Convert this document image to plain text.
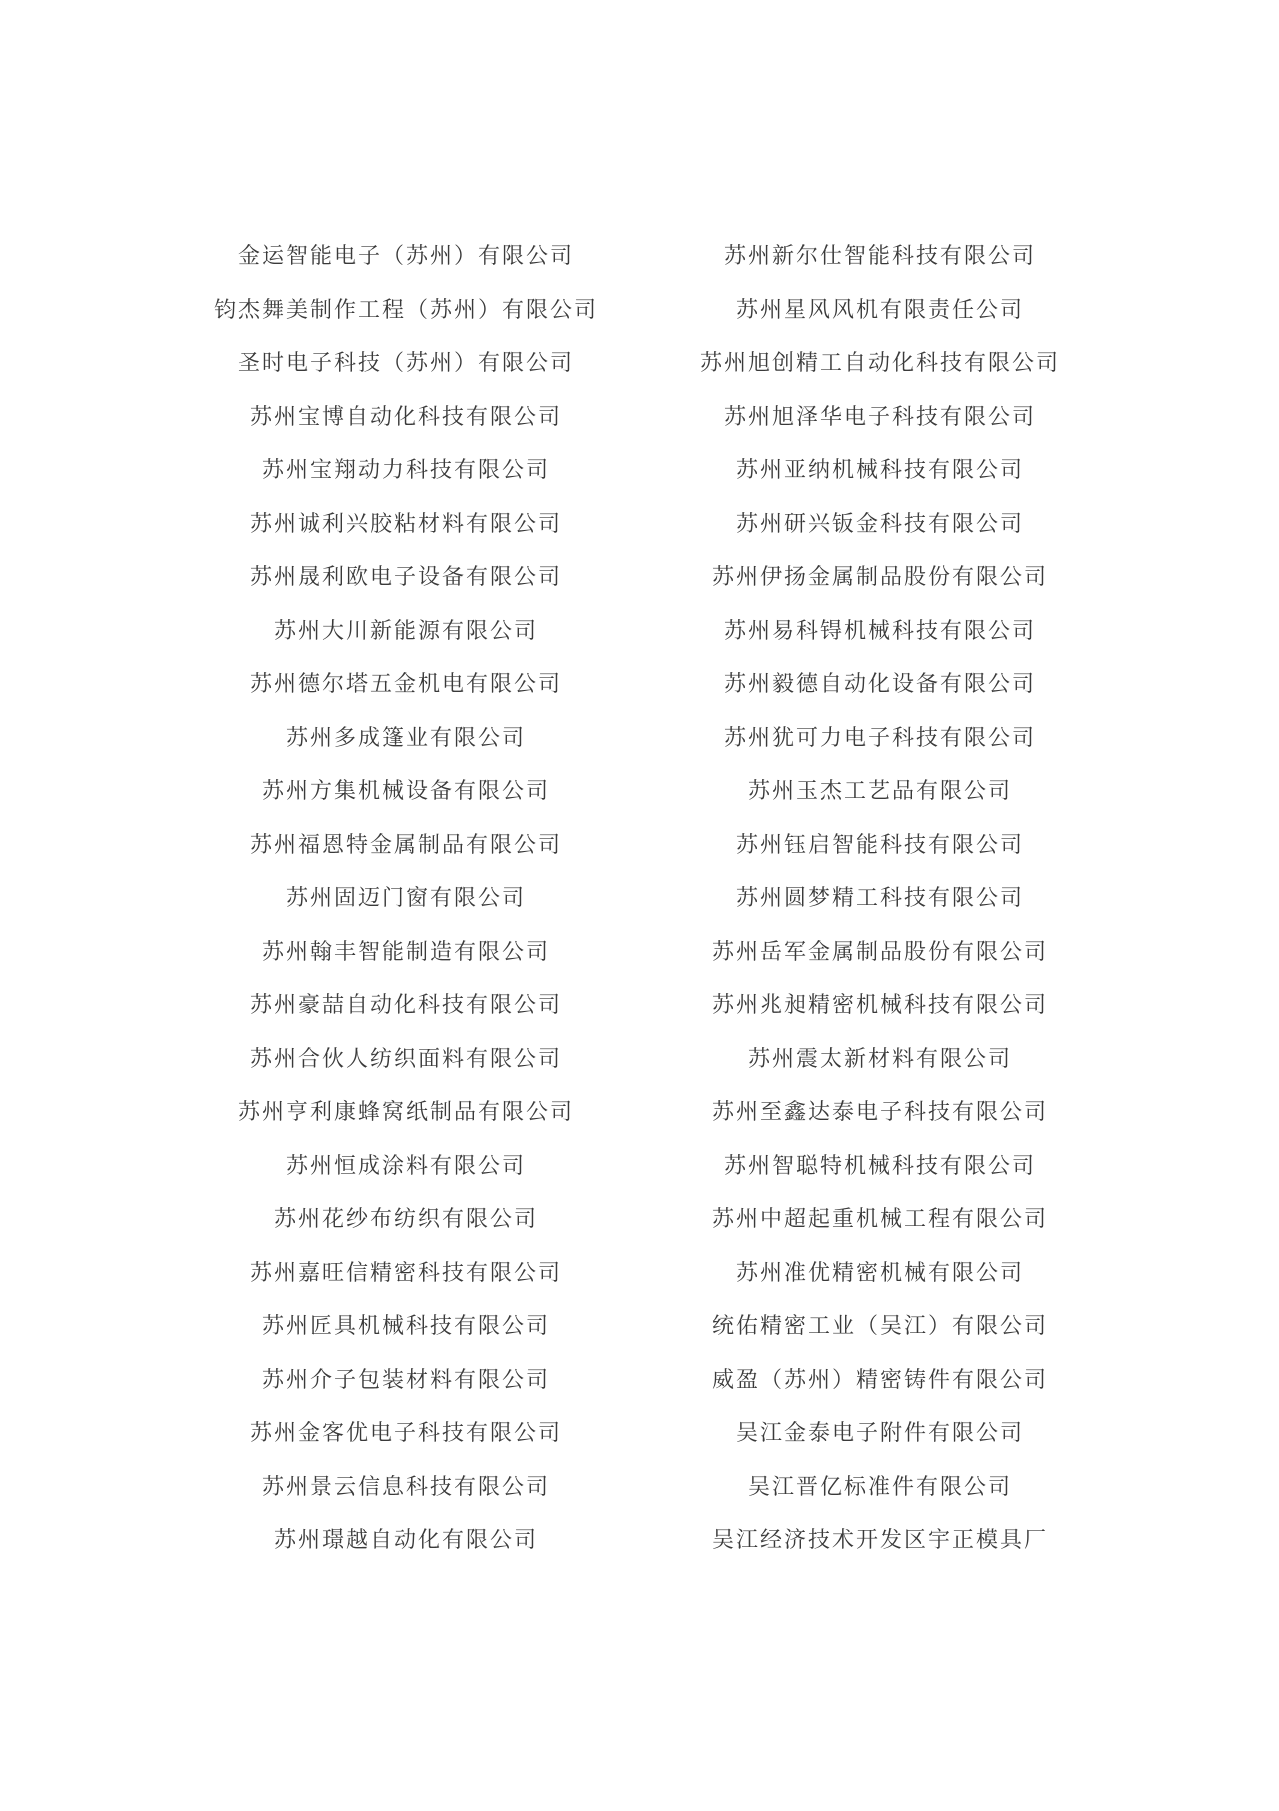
金运智能电子（苏州）有限公司
钧杰舞美制作工程（苏州）有限公司
圣时电子科技（苏州）有限公司
苏州宝博自动化科技有限公司
苏州宝翔动力科技有限公司
苏州诚利兴胶粘材料有限公司
苏州晟利欧电子设备有限公司
苏州大川新能源有限公司
苏州德尔塔五金机电有限公司
苏州多成篷业有限公司
苏州方集机械设备有限公司
苏州福恩特金属制品有限公司
苏州固迈门窗有限公司
苏州翰丰智能制造有限公司
苏州豪喆自动化科技有限公司
苏州合伙人纺织面料有限公司
苏州亨利康蜂窝纸制品有限公司
苏州恒成涂料有限公司
苏州花纱布纺织有限公司
苏州嘉旺信精密科技有限公司
苏州匠具机械科技有限公司
苏州介子包装材料有限公司
苏州金客优电子科技有限公司
苏州景云信息科技有限公司
苏州璟越自动化有限公司
苏州新尔仕智能科技有限公司
苏州星风风机有限责任公司
苏州旭创精工自动化科技有限公司
苏州旭泽华电子科技有限公司
苏州亚纳机械科技有限公司
苏州研兴钣金科技有限公司
苏州伊扬金属制品股份有限公司
苏州易科锝机械科技有限公司
苏州毅德自动化设备有限公司
苏州犹可力电子科技有限公司
苏州玉杰工艺品有限公司
苏州钰启智能科技有限公司
苏州圆梦精工科技有限公司
苏州岳军金属制品股份有限公司
苏州兆昶精密机械科技有限公司
苏州震太新材料有限公司
苏州至鑫达泰电子科技有限公司
苏州智聪特机械科技有限公司
苏州中超起重机械工程有限公司
苏州准优精密机械有限公司
统佑精密工业（吴江）有限公司
威盈（苏州）精密铸件有限公司
吴江金泰电子附件有限公司
吴江晋亿标准件有限公司
吴江经济技术开发区宇正模具厂
